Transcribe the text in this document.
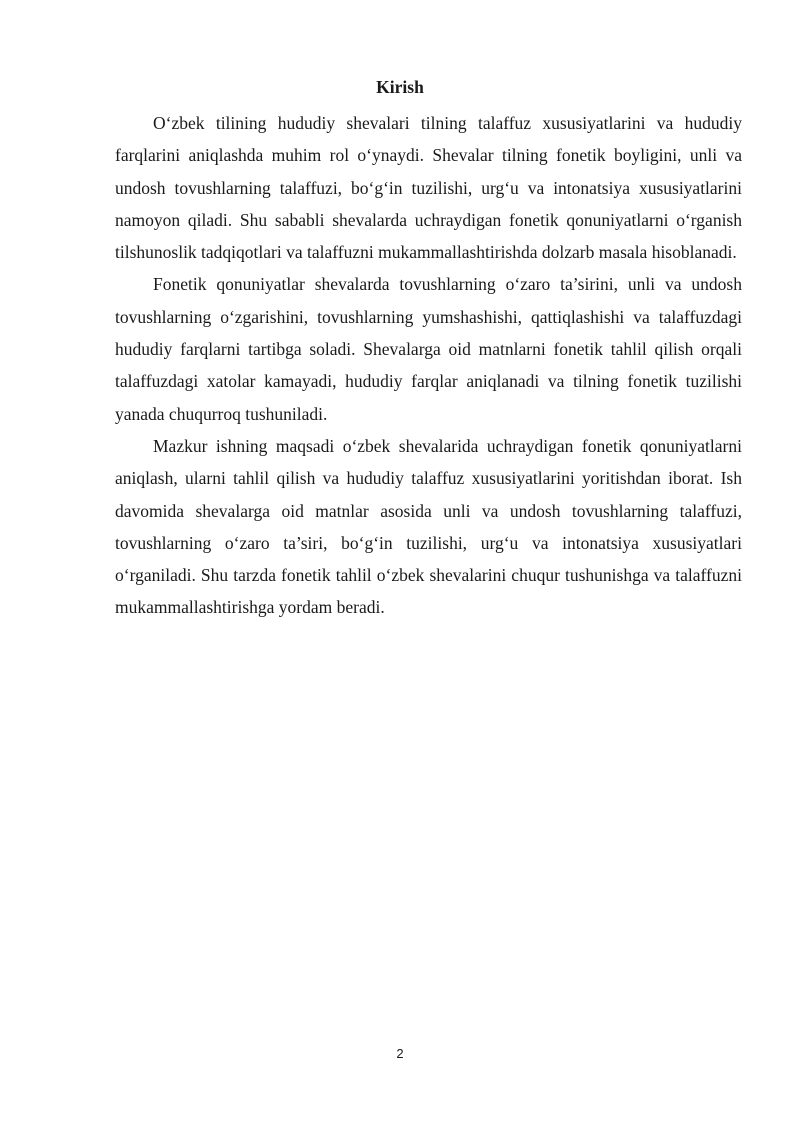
Kirish

O‘zbek tilining hududiy shevalari tilning talaffuz xususiyatlarini va hududiy farqlarini aniqlashda muhim rol o‘ynaydi. Shevalar tilning fonetik boyligini, unli va undosh tovushlarning talaffuzi, bo‘g‘in tuzilishi, urg‘u va intonatsiya xususiyatlarini namoyon qiladi. Shu sababli shevalarda uchraydigan fonetik qonuniyatlarni o‘rganish tilshunoslik tadqiqotlari va talaffuzni mukammallashtirishda dolzarb masala hisoblanadi.

Fonetik qonuniyatlar shevalarda tovushlarning o‘zaro ta’sirini, unli va undosh tovushlarning o‘zgarishini, tovushlarning yumshashishi, qattiqlashishi va talaffuzdagi hududiy farqlarni tartibga soladi. Shevalarga oid matnlarni fonetik tahlil qilish orqali talaffuzdagi xatolar kamayadi, hududiy farqlar aniqlanadi va tilning fonetik tuzilishi yanada chuqurroq tushuniladi.

Mazkur ishning maqsadi o‘zbek shevalarida uchraydigan fonetik qonuniyatlarni aniqlash, ularni tahlil qilish va hududiy talaffuz xususiyatlarini yoritishdan iborat. Ish davomida shevalarga oid matnlar asosida unli va undosh tovushlarning talaffuzi, tovushlarning o‘zaro ta’siri, bo‘g‘in tuzilishi, urg‘u va intonatsiya xususiyatlari o‘rganiladi. Shu tarzda fonetik tahlil o‘zbek shevalarini chuqur tushunishga va talaffuzni mukammallashtirishga yordam beradi.

2
